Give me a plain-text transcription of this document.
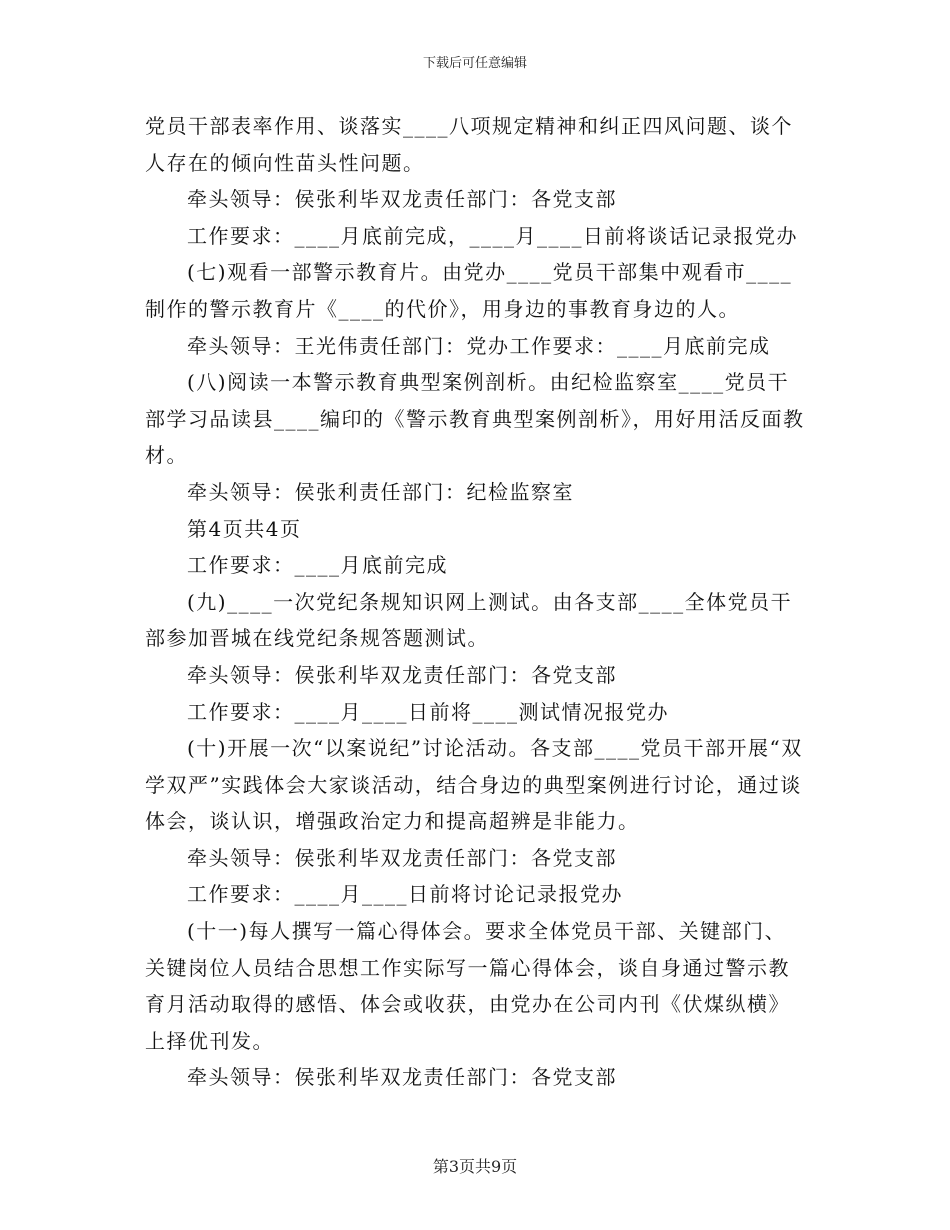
下载后可任意编辑

党员干部表率作用、谈落实____八项规定精神和纠正四风问题、谈个人存在的倾向性苗头性问题。

牵头领导：侯张利毕双龙责任部门：各党支部

工作要求：____月底前完成，____月____日前将谈话记录报党办

(七)观看一部警示教育片。由党办____党员干部集中观看市____制作的警示教育片《____的代价》，用身边的事教育身边的人。

牵头领导：王光伟责任部门：党办工作要求：____月底前完成

(八)阅读一本警示教育典型案例剖析。由纪检监察室____党员干部学习品读县____编印的《警示教育典型案例剖析》，用好用活反面教材。

牵头领导：侯张利责任部门：纪检监察室

第4页共4页

工作要求：____月底前完成

(九)____一次党纪条规知识网上测试。由各支部____全体党员干部参加晋城在线党纪条规答题测试。

牵头领导：侯张利毕双龙责任部门：各党支部

工作要求：____月____日前将____测试情况报党办

(十)开展一次“以案说纪”讨论活动。各支部____党员干部开展“双学双严”实践体会大家谈活动，结合身边的典型案例进行讨论，通过谈体会，谈认识，增强政治定力和提高超辨是非能力。

牵头领导：侯张利毕双龙责任部门：各党支部

工作要求：____月____日前将讨论记录报党办

(十一)每人撰写一篇心得体会。要求全体党员干部、关键部门、关键岗位人员结合思想工作实际写一篇心得体会，谈自身通过警示教育月活动取得的感悟、体会或收获，由党办在公司内刊《伏煤纵横》上择优刊发。

牵头领导：侯张利毕双龙责任部门：各党支部

第3页共9页
